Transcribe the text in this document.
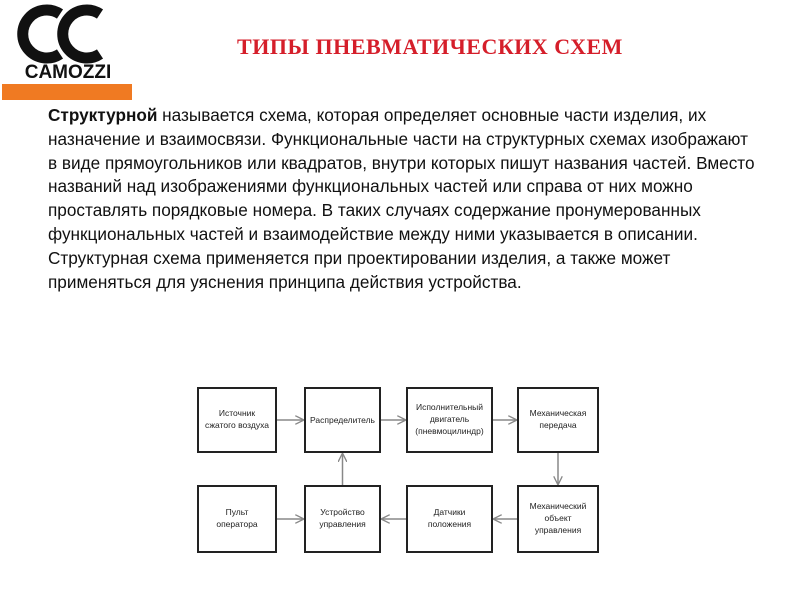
CAMOZZI
ТИПЫ ПНЕВМАТИЧЕСКИХ СХЕМ

Структурной называется схема, которая определяет основные части изделия, их назначение и взаимосвязи. Функциональные части на структурных схемах изображают в виде прямоугольников или квадратов, внутри которых пишут названия частей. Вместо названий над изображениями функциональных частей или справа от них можно проставлять порядковые номера. В таких случаях содержание пронумерованных функциональных частей и взаимодействие между ними указывается в описании. Структурная схема применяется при проектировании изделия, а также может применяться для уяснения принципа действия устройства.

Источник
сжатого воздуха	Распределитель
Исполнительный
двигатель
(пневмоцилиндр)
Механическая
передача
Пульт
оператора
Устройство
управления
Датчики
положения
Механический
объект
управления
